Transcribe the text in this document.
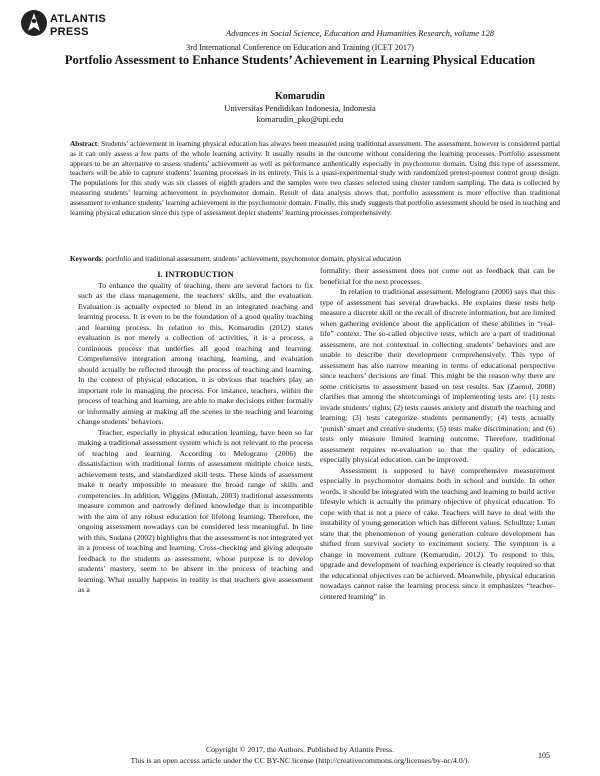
ATLANTIS
PRESS	Advances in Social Science, Education and Humanities Research, volume 128
3rd International Conference on Education and Training (ICET 2017)
Portfolio Assessment to Enhance Students’ Achievement in Learning Physical Education
Komarudin
Universitas Pendidikan Indonesia, Indonesia
komarudin_pko@upi.edu
Abstract: Students’ achievement in learning physical education has always been measured using traditional assessment. The assessment, however is considered partial as it can only assess a few parts of the whole learning activity. It usually results in the outcome without considering the learning processes. Portfolio assessment appears to be an alternative to assess students’ achievement as well as performance authentically especially in psychomotor domain. Using this type of assessment, teachers will be able to capture students’ learning processes in its entirety. This is a quasi-experimental study with randomized pretest-posttest control group design. The populations for this study was six classes of eighth graders and the samples were two classes selected using cluster random sampling. The data is collected by measuring students’ learning achievement in psychomotor domain. Result of data analysis shows that, portfolio assessment is more effective than traditional assessment to enhance students’ learning achievement in the psychomotor domain. Finally, this study suggests that portfolio assessment should be used in teaching and learning physical education since this type of assessment depict students’ learning processes comprehensively.
Keywords: portfolio and traditional assessment, students’ achievement, psychomotor domain, physical education
I. INTRODUCTION

To enhance the quality of teaching, there are several factors to fix such as the class management, the teachers’ skills, and the evaluation. Evaluation is actually expected to blend in an integrated teaching and learning process. It is even to be the foundation of a good quality teaching and learning process. In relation to this, Komarudin (2012) states evaluation is not merely a collection of activities, it is a process, a continuous process that underlies all good teaching and learning. Comprehensive integration among teaching, learning, and evaluation should actually be reflected through the process of teaching and learning. In the context of physical education, it is obvious that teachers play an important role in managing the process. For instance, teachers, within the process of teaching and learning, are able to make decisions either formally or informally aiming at making all the scenes in the teaching and learning change students’ behaviors.

Teacher, especially in physical education learning, have been so far making a traditional assessment system which is not relevant to the process of teaching and learning. According to Melograno (2006) the dissatisfaction with traditional forms of assessment multiple choice tests, achievement tests, and standardized skill tests. These kinds of assessment make it nearly impossible to measure the broad range of skills and competencies. In addition, Wiggins (Mintah, 2003) traditional assessments measure common and narrowly defined knowledge that is incompatible with the aim of any robust education for lifelong learning. Therefore, the ongoing assessment nowadays can be considered less meaningful. In line with this, Sudana (2002) highlights that the assessment is not integrated yet in a process of teaching and learning. Cross-checking and giving adequate feedback to the students as assessment, whose purpose is to develop students’ mastery, seem to be absent in the process of teaching and learning. What usually happens in reality is that teachers give assessment as a

formality; their assessment does not come out as feedback that can be beneficial for the next processes.

In relation to traditional assessment, Melograno (2000) says that this type of assessment has several drawbacks. He explains these tests help measure a discrete skill or the recall of discrete information, but are limited when gathering evidence about the application of these abilities in “real-life” context. The so-called objective tests, which are a part of traditional assessment, are not contextual in collecting students’ behaviors and are unable to describe their development comprehensively. This type of assessment has also narrow meaning in terms of educational perspective since teachers’ decisions are final. This might be the reason why there are some criticisms to assessment based on test results. Sax (Zaenul, 2008) clarifies that among the shortcomings of implementing tests are: (1) tests invade students’ rights; (2) tests causes anxiety and disturb the teaching and learning; (3) tests categorize students permanently; (4) tests actually ‘punish’ smart and creative students; (5) tests make discrimination; and (6) tests only measure limited learning outcome. Therefore, traditional assessment requires re-evaluation so that the quality of education, especially physical education, can be improved.

Assessment is supposed to have comprehensive measurement especially in psychomotor domains both in school and outside. In other words, it should be integrated with the teaching and learning to build active lifestyle which is actually the primary objective of physical education. To cope with that is not a piece of cake. Teachers will have to deal with the instability of young generation which has different values. Schulltze; Lutan state that the phenomenon of young generation culture development has shifted from survival society to excitement society. The symptom is a change in movement culture (Komarudin, 2012). To respond to this, upgrade and development of teaching experience is clearly required so that the educational objectives can be achieved. Meanwhile, physical education nowadays cannot raise the learning process since it emphasizes “teacher-centered learning” in

Copyright © 2017, the Authors. Published by Atlantis Press.
This is an open access article under the CC BY-NC license (http://creativecommons.org/licenses/by-nc/4.0/).	105
